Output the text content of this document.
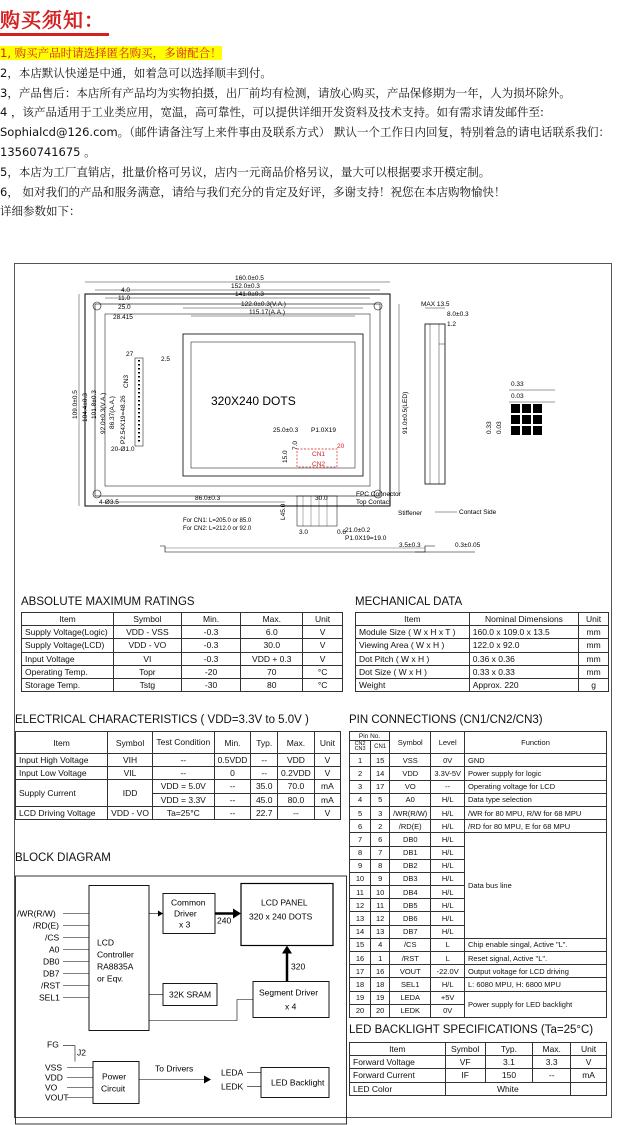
购买须知：

1, 购买产品时请选择匿名购买，多谢配合！

2，本店默认快递是中通，如着急可以选择顺丰到付。

3，产品售后：本店所有产品均为实物拍摄，出厂前均有检测，请放心购买，产品保修期为一年，人为损坏除外。

4 ，该产品适用于工业类应用，宽温，高可靠性，可以提供详细开发资料及技术支持。如有需求请发邮件至: Sophialcd@126.com。（邮件请备注写上来件事由及联系方式） 默认一个工作日内回复，特别着急的请电话联系我们：13560741675 。

5，本店为工厂直销店，批量价格可另议，店内一元商品价格另议，量大可以根据要求开模定制。

6， 如对我们的产品和服务满意，请给与我们充分的肯定及好评，多谢支持！祝您在本店购物愉快！

详细参数如下：

160.0±0.5
152.0±0.3
141.0±0.3
122.0±0.3(V.A.)
115.17(A.A.)
4.0
11.0
25.0
28.415
109.0±0.5 104.4±0.3 101.8±0.3 92.0±0.3(V.A.) 86.37(A.A.) P2.54X19=48.26	91.0±0.5(LED)
320X240 DOTS
27
2.5
CN3
20-Ø1.0
25.0±0.3 P1.0X19
15.0
7.0	20
CN1
CN2
4-Ø3.5
86.0±0.3	30.0
21.0±0.2
P1.0X19=19.0
3.5±0.3
0.6
3.0
L45.0
For CN1: L=205.0 or 85.0
For CN2: L=212.0 or 92.0
FPC Connector
Top Contact
Stiffener	Contact Side
MAX 13.5
8.0±0.3
1.2
0.33
0.03
0.33 0.03
0.3±0.05
ABSOLUTE MAXIMUM RATINGS
Item	Symbol	Min.	Max.	Unit
Supply Voltage(Logic)	VDD - VSS	-0.3	6.0	V
Supply Voltage(LCD)	VDD - VO	-0.3	30.0	V
Input Voltage	VI	-0.3	VDD + 0.3	V
Operating Temp.	Topr	-20	70	°C
Storage Temp.	Tstg	-30	80	°C
MECHANICAL DATA
Item	Nominal Dimensions	Unit
Module Size ( W x H x T )	160.0 x 109.0 x 13.5	mm
Viewing Area ( W x H )	122.0 x 92.0	mm
Dot Pitch ( W x H )	0.36 x 0.36	mm
Dot Size ( W x H )	0.33 x 0.33	mm
Weight	Approx. 220	g
ELECTRICAL CHARACTERISTICS ( VDD=3.3V to 5.0V )
Item	Symbol	Test Condition	Min.	Typ.	Max.	Unit
Input High Voltage	VIH	--	0.5VDD	--	VDD	V
Input Low Voltage	VIL	--	0	--	0.2VDD	V
Supply Current	IDD	VDD = 5.0V	--	35.0	70.0	mA
		VDD = 3.3V	--	45.0	80.0	mA
LCD Driving Voltage	VDD - VO	Ta=25°C	--	22.7	--	V
PIN CONNECTIONS (CN1/CN2/CN3)
Pin No.		Symbol	Level	Function
CN2 CN3	CN1			
1	15	VSS	0V	GND
2	14	VDD	3.3V-5V	Power supply for logic
3	17	VO	--	Operating voltage for LCD
4	5	A0	H/L	Data type selection
5	3	/WR(R/W)	H/L	/WR for 80 MPU, R/W for 68 MPU
6	2	/RD(E)	H/L	/RD for 80 MPU, E for 68 MPU
7	6	DB0	H/L	Data bus line
8	7	DB1	H/L	
9	8	DB2	H/L	
10	9	DB3	H/L	
11	10	DB4	H/L	
12	11	DB5	H/L	
13	12	DB6	H/L	
14	13	DB7	H/L	
15	4	/CS	L	Chip enable singal, Active "L".
16	1	/RST	L	Reset signal, Active "L".
17	16	VOUT	-22.0V	Output voltage for LCD driving
18	18	SEL1	H/L	L: 6080 MPU, H: 6800 MPU
19	19	LEDA	+5V	Power supply for LED backlight
20	20	LEDK	0V	
LED BACKLIGHT SPECIFICATIONS (Ta=25°C)
Item	Symbol	Typ.	Max.	Unit
Forward Voltage	VF	3.1	3.3	V
Forward Current	IF	150	--	mA
LED Color	White			
BLOCK DIAGRAM
LCD
Controller
RA8835A
or Eqv.
/WR(R/W)
/RD(E)
/CS
A0
DB0
DB7
/RST
SEL1
Common
Driver
x 3	240
LCD PANEL
320 x 240 DOTS
32K SRAM	Segment Driver
x 4
320
FG
J2
Power
Circuit
VSS
VDD
VO
VOUT
To Drivers
LED Backlight
LEDA
LEDK
